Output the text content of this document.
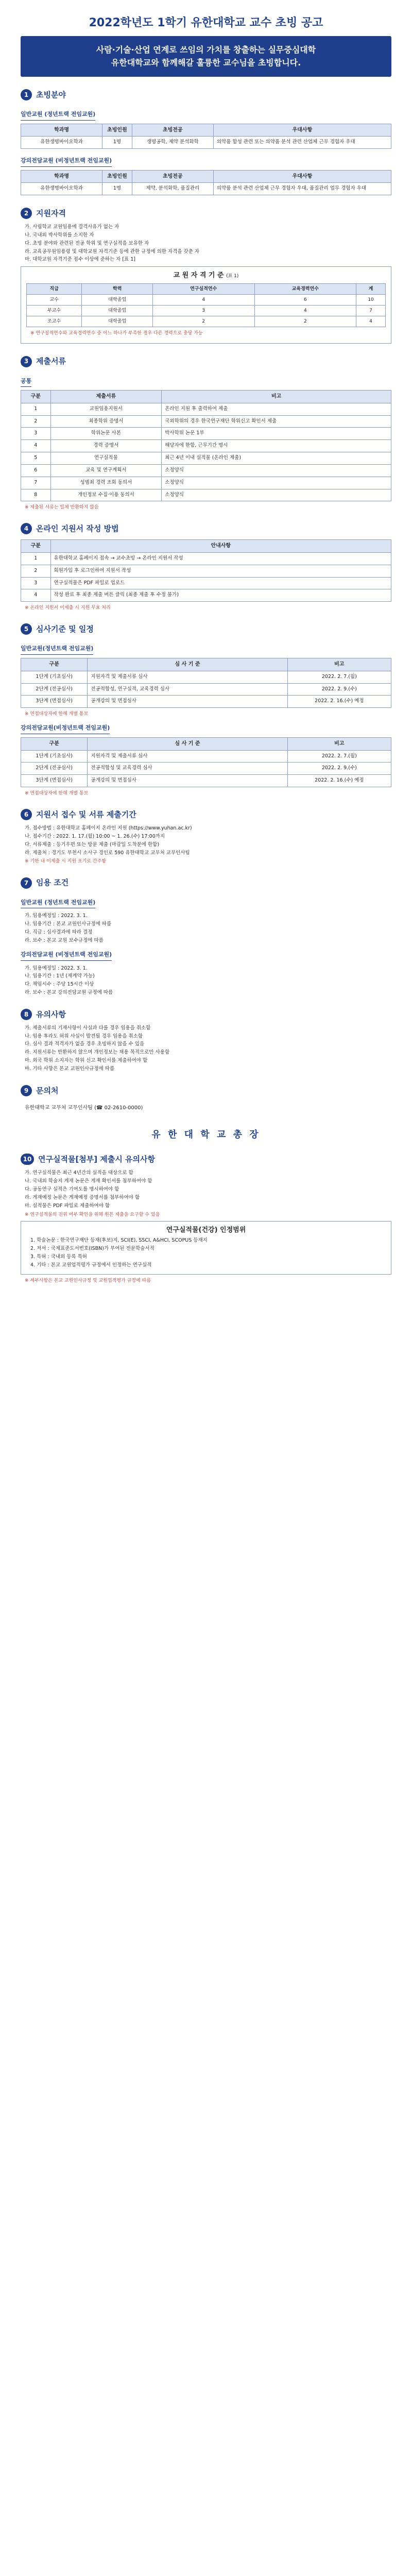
2022학년도 1학기 유한대학교 교수 초빙 공고
사람·기술·산업 연계로 쓰임의 가치를 창출하는 실무중심대학
유한대학교와 함께해갈 훌륭한 교수님을 초빙합니다.
1 초빙분야
일반교원 (정년트랙 전임교원)
학과명	초빙인원	초빙전공	우대사항
유한생명바이오학과	1명	생명공학, 제약 분석화학	의약품 합성 관련 또는 의약품 분석 관련 산업체 근무 경험자 우대
강의전담교원 (비정년트랙 전임교원)
학과명	초빙인원	초빙전공	우대사항
유한생명바이오학과	1명	제약, 분석화학, 품질관리	의약품 분석 관련 산업체 근무 경험자 우대, 품질관리 업무 경험자 우대
2 지원자격

가. 사립학교 교원임용에 결격사유가 없는 자

나. 국내외 박사학위를 소지한 자

다. 초빙 분야와 관련된 전공 학위 및 연구실적을 보유한 자

라. 교육공무원임용령 및 대학교원 자격기준 등에 관한 규정에 의한 자격을 갖춘 자

마. 대학교원 자격기준 점수 이상에 준하는 자 [표 1]

교 원 자 격 기 준 (표 1)
직급	학력	연구실적연수	교육경력연수	계
교수	대학졸업	4	6	10
부교수	대학졸업	3	4	7
조교수	대학졸업	2	2	4
※ 연구실적연수와 교육경력연수 중 어느 하나가 부족한 경우 다른 경력으로 충당 가능
3 제출서류
공통
구분	제출서류	비고
1	교원임용지원서	온라인 지원 후 출력하여 제출
2	최종학위 증명서	국외학위의 경우 한국연구재단 학위신고 확인서 제출
3	학위논문 사본	박사학위 논문 1부
4	경력 증명서	해당자에 한함, 근무기간 명시
5	연구실적물	최근 4년 이내 실적물 (온라인 제출)
6	교육 및 연구계획서	소정양식
7	성범죄 경력 조회 동의서	소정양식
8	개인정보 수집·이용 동의서	소정양식
※ 제출된 서류는 일체 반환하지 않음
4 온라인 지원서 작성 방법
구분	안내사항
1	유한대학교 홈페이지 접속 → 교수초빙 → 온라인 지원서 작성
2	회원가입 후 로그인하여 지원서 작성
3	연구실적물은 PDF 파일로 업로드
4	작성 완료 후 최종 제출 버튼 클릭 (최종 제출 후 수정 불가)
※ 온라인 지원서 미제출 시 지원 무효 처리
5 심사기준 및 일정
일반교원(정년트랙 전임교원)
구분	심 사 기 준	비고
1단계 (기초심사)	지원자격 및 제출서류 심사	2022. 2. 7.(월)
2단계 (전공심사)	전공적합성, 연구실적, 교육경력 심사	2022. 2. 9.(수)
3단계 (면접심사)	공개강의 및 면접심사	2022. 2. 16.(수) 예정
※ 면접대상자에 한해 개별 통보
강의전담교원(비정년트랙 전임교원)
구분	심 사 기 준	비고
1단계 (기초심사)	지원자격 및 제출서류 심사	2022. 2. 7.(월)
2단계 (전공심사)	전공적합성 및 교육경력 심사	2022. 2. 9.(수)
3단계 (면접심사)	공개강의 및 면접심사	2022. 2. 16.(수) 예정
※ 면접대상자에 한해 개별 통보
6 지원서 접수 및 서류 제출기간

가. 접수방법 : 유한대학교 홈페이지 온라인 지원 (https://www.yuhan.ac.kr)

나. 접수기간 : 2022. 1. 17.(월) 10:00 ~ 1. 26.(수) 17:00까지

다. 서류제출 : 등기우편 또는 방문 제출 (마감일 도착분에 한함)

라. 제출처 : 경기도 부천시 소사구 경인로 590 유한대학교 교무처 교무인사팀

※ 기한 내 미제출 시 지원 포기로 간주함
7 임용 조건
일반교원 (정년트랙 전임교원)

가. 임용예정일 : 2022. 3. 1.

나. 임용기간 : 본교 교원인사규정에 따름

다. 직급 : 심사결과에 따라 결정

라. 보수 : 본교 교원 보수규정에 따름

강의전담교원 (비정년트랙 전임교원)

가. 임용예정일 : 2022. 3. 1.

나. 임용기간 : 1년 (재계약 가능)

다. 책임시수 : 주당 15시간 이상

라. 보수 : 본교 강의전담교원 규정에 따름

8 유의사항

가. 제출서류의 기재사항이 사실과 다를 경우 임용을 취소함

나. 임용 후라도 허위 사실이 발견될 경우 임용을 취소함

다. 심사 결과 적격자가 없을 경우 초빙하지 않을 수 있음

라. 지원서류는 반환하지 않으며 개인정보는 채용 목적으로만 사용함

마. 외국 학위 소지자는 학위 신고 확인서를 제출하여야 함

바. 기타 사항은 본교 교원인사규정에 따름

9 문의처
유한대학교 교무처 교무인사팀 (☎ 02-2610-0000)
유 한 대 학 교 총 장
10 연구실적물[첨부] 제출시 유의사항

가. 연구실적물은 최근 4년간의 실적을 대상으로 함

나. 국내외 학술지 게재 논문은 게재 확인서를 첨부하여야 함

다. 공동연구 실적은 기여도를 명시하여야 함

라. 게재예정 논문은 게재예정 증명서를 첨부하여야 함

마. 실적물은 PDF 파일로 제출하여야 함

※ 연구실적물의 진위 여부 확인을 위해 원본 제출을 요구할 수 있음
연구실적물(건강) 인정범위

1. 학술논문 : 한국연구재단 등재(후보)지, SCI(E), SSCI, A&HCI, SCOPUS 등재지

2. 저서 : 국제표준도서번호(ISBN)가 부여된 전문학술서적

3. 특허 : 국내외 등록 특허

4. 기타 : 본교 교원업적평가 규정에서 인정하는 연구실적

※ 세부사항은 본교 교원인사규정 및 교원업적평가 규정에 따름
